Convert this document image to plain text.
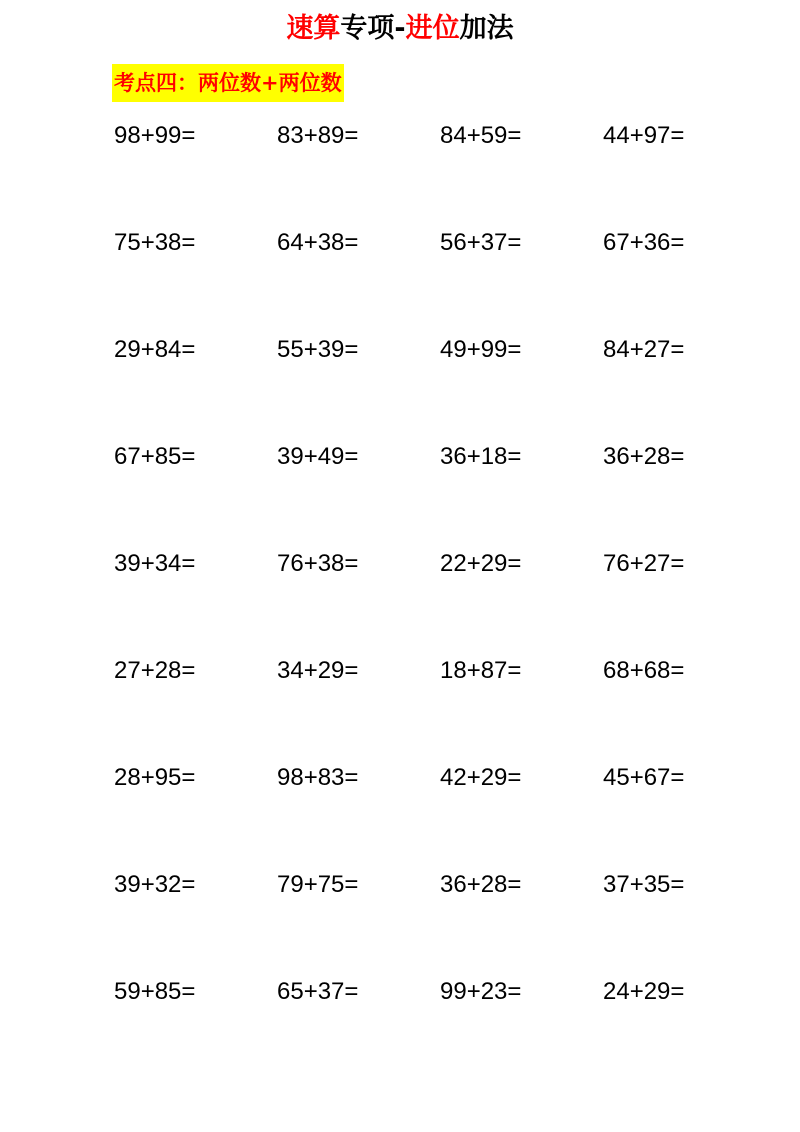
速算专项-进位加法
考点四：两位数+两位数
98+99=	83+89=	84+59=	44+97=
75+38=	64+38=	56+37=	67+36=
29+84=	55+39=	49+99=	84+27=
67+85=	39+49=	36+18=	36+28=
39+34=	76+38=	22+29=	76+27=
27+28=	34+29=	18+87=	68+68=
28+95=	98+83=	42+29=	45+67=
39+32=	79+75=	36+28=	37+35=
59+85=	65+37=	99+23=	24+29=
